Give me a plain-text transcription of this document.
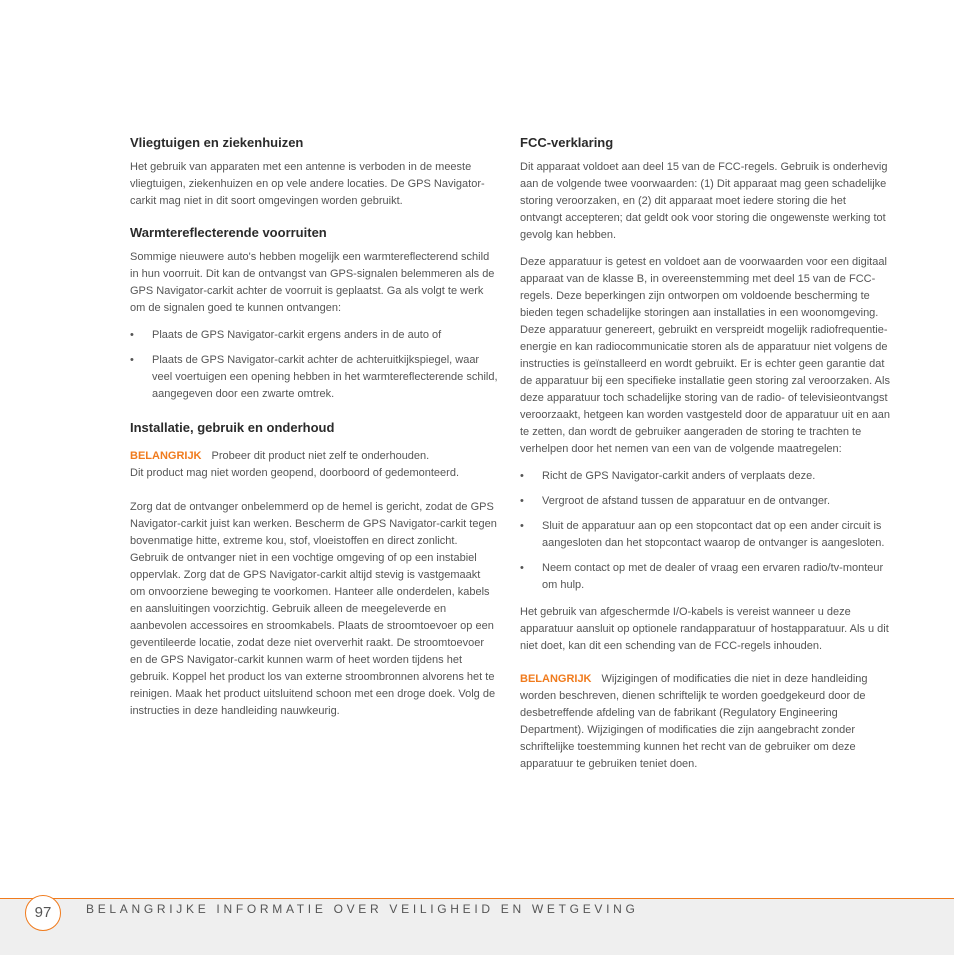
Vliegtuigen en ziekenhuizen

Het gebruik van apparaten met een antenne is verboden in de meeste vliegtuigen, ziekenhuizen en op vele andere locaties. De GPS Navigator-carkit mag niet in dit soort omgevingen worden gebruikt.

Warmtereflecterende voorruiten

Sommige nieuwere auto's hebben mogelijk een warmtereflecterend schild in hun voorruit. Dit kan de ontvangst van GPS-signalen belemmeren als de GPS Navigator-carkit achter de voorruit is geplaatst. Ga als volgt te werk om de signalen goed te kunnen ontvangen:

• Plaats de GPS Navigator-carkit ergens anders in de auto of
• Plaats de GPS Navigator-carkit achter de achteruitkijkspiegel, waar veel voertuigen een opening hebben in het warmtereflecterende schild, aangegeven door een zwarte omtrek.
Installatie, gebruik en onderhoud

BELANGRIJK Probeer dit product niet zelf te onderhouden.
Dit product mag niet worden geopend, doorboord of gedemonteerd.

Zorg dat de ontvanger onbelemmerd op de hemel is gericht, zodat de GPS Navigator-carkit juist kan werken. Bescherm de GPS Navigator-carkit tegen bovenmatige hitte, extreme kou, stof, vloeistoffen en direct zonlicht. Gebruik de ontvanger niet in een vochtige omgeving of op een instabiel oppervlak. Zorg dat de GPS Navigator-carkit altijd stevig is vastgemaakt om onvoorziene beweging te voorkomen. Hanteer alle onderdelen, kabels en aansluitingen voorzichtig. Gebruik alleen de meegeleverde en aanbevolen accessoires en stroomkabels. Plaats de stroomtoevoer op een geventileerde locatie, zodat deze niet oververhit raakt. De stroomtoevoer en de GPS Navigator-carkit kunnen warm of heet worden tijdens het gebruik. Koppel het product los van externe stroombronnen alvorens het te reinigen. Maak het product uitsluitend schoon met een droge doek. Volg de instructies in deze handleiding nauwkeurig.

FCC-verklaring

Dit apparaat voldoet aan deel 15 van de FCC-regels. Gebruik is onderhevig aan de volgende twee voorwaarden: (1) Dit apparaat mag geen schadelijke storing veroorzaken, en (2) dit apparaat moet iedere storing die het ontvangt accepteren; dat geldt ook voor storing die ongewenste werking tot gevolg kan hebben.

Deze apparatuur is getest en voldoet aan de voorwaarden voor een digitaal apparaat van de klasse B, in overeenstemming met deel 15 van de FCC-regels. Deze beperkingen zijn ontworpen om voldoende bescherming te bieden tegen schadelijke storingen aan installaties in een woonomgeving. Deze apparatuur genereert, gebruikt en verspreidt mogelijk radiofrequentie-energie en kan radiocommunicatie storen als de apparatuur niet volgens de instructies is geïnstalleerd en wordt gebruikt. Er is echter geen garantie dat de apparatuur bij een specifieke installatie geen storing zal veroorzaken. Als deze apparatuur toch schadelijke storing van de radio- of televisieontvangst veroorzaakt, hetgeen kan worden vastgesteld door de apparatuur uit en aan te zetten, dan wordt de gebruiker aangeraden de storing te trachten te verhelpen door het nemen van een van de volgende maatregelen:

• Richt de GPS Navigator-carkit anders of verplaats deze.
• Vergroot de afstand tussen de apparatuur en de ontvanger.
• Sluit de apparatuur aan op een stopcontact dat op een ander circuit is aangesloten dan het stopcontact waarop de ontvanger is aangesloten.
• Neem contact op met de dealer of vraag een ervaren radio/tv-monteur om hulp.

Het gebruik van afgeschermde I/O-kabels is vereist wanneer u deze apparatuur aansluit op optionele randapparatuur of hostapparatuur. Als u dit niet doet, kan dit een schending van de FCC-regels inhouden.

BELANGRIJK Wijzigingen of modificaties die niet in deze handleiding worden beschreven, dienen schriftelijk te worden goedgekeurd door de desbetreffende afdeling van de fabrikant (Regulatory Engineering Department). Wijzigingen of modificaties die zijn aangebracht zonder schriftelijke toestemming kunnen het recht van de gebruiker om deze apparatuur te gebruiken teniet doen.

97	BELANGRIJKE INFORMATIE OVER VEILIGHEID EN WETGEVING
